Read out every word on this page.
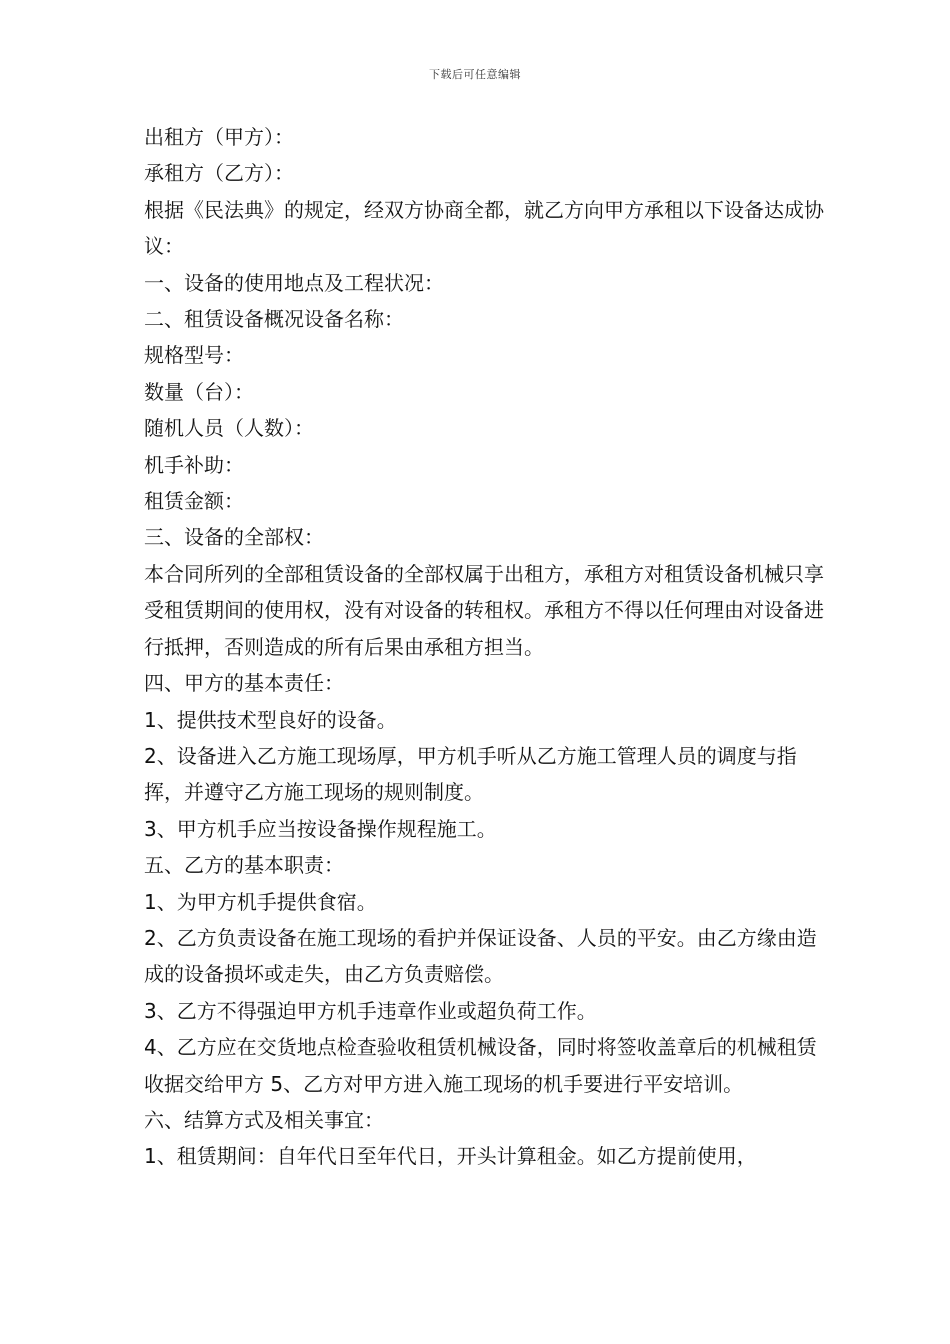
下载后可任意编辑

出租方（甲方）：

承租方（乙方）：

根据《民法典》的规定，经双方协商全都，就乙方向甲方承租以下设备达成协议：

一、设备的使用地点及工程状况：

二、租赁设备概况设备名称：

规格型号：

数量（台）：

随机人员（人数）：

机手补助：

租赁金额：

三、设备的全部权：

本合同所列的全部租赁设备的全部权属于出租方，承租方对租赁设备机械只享受租赁期间的使用权，没有对设备的转租权。承租方不得以任何理由对设备进行抵押，否则造成的所有后果由承租方担当。

四、甲方的基本责任：

1、提供技术型良好的设备。

2、设备进入乙方施工现场厚，甲方机手听从乙方施工管理人员的调度与指挥，并遵守乙方施工现场的规则制度。

3、甲方机手应当按设备操作规程施工。

五、乙方的基本职责：

1、为甲方机手提供食宿。

2、乙方负责设备在施工现场的看护并保证设备、人员的平安。由乙方缘由造成的设备损坏或走失，由乙方负责赔偿。

3、乙方不得强迫甲方机手违章作业或超负荷工作。

4、乙方应在交货地点检查验收租赁机械设备，同时将签收盖章后的机械租赁收据交给甲方 5、乙方对甲方进入施工现场的机手要进行平安培训。

六、结算方式及相关事宜：

1、租赁期间：自年代日至年代日，开头计算租金。如乙方提前使用，
